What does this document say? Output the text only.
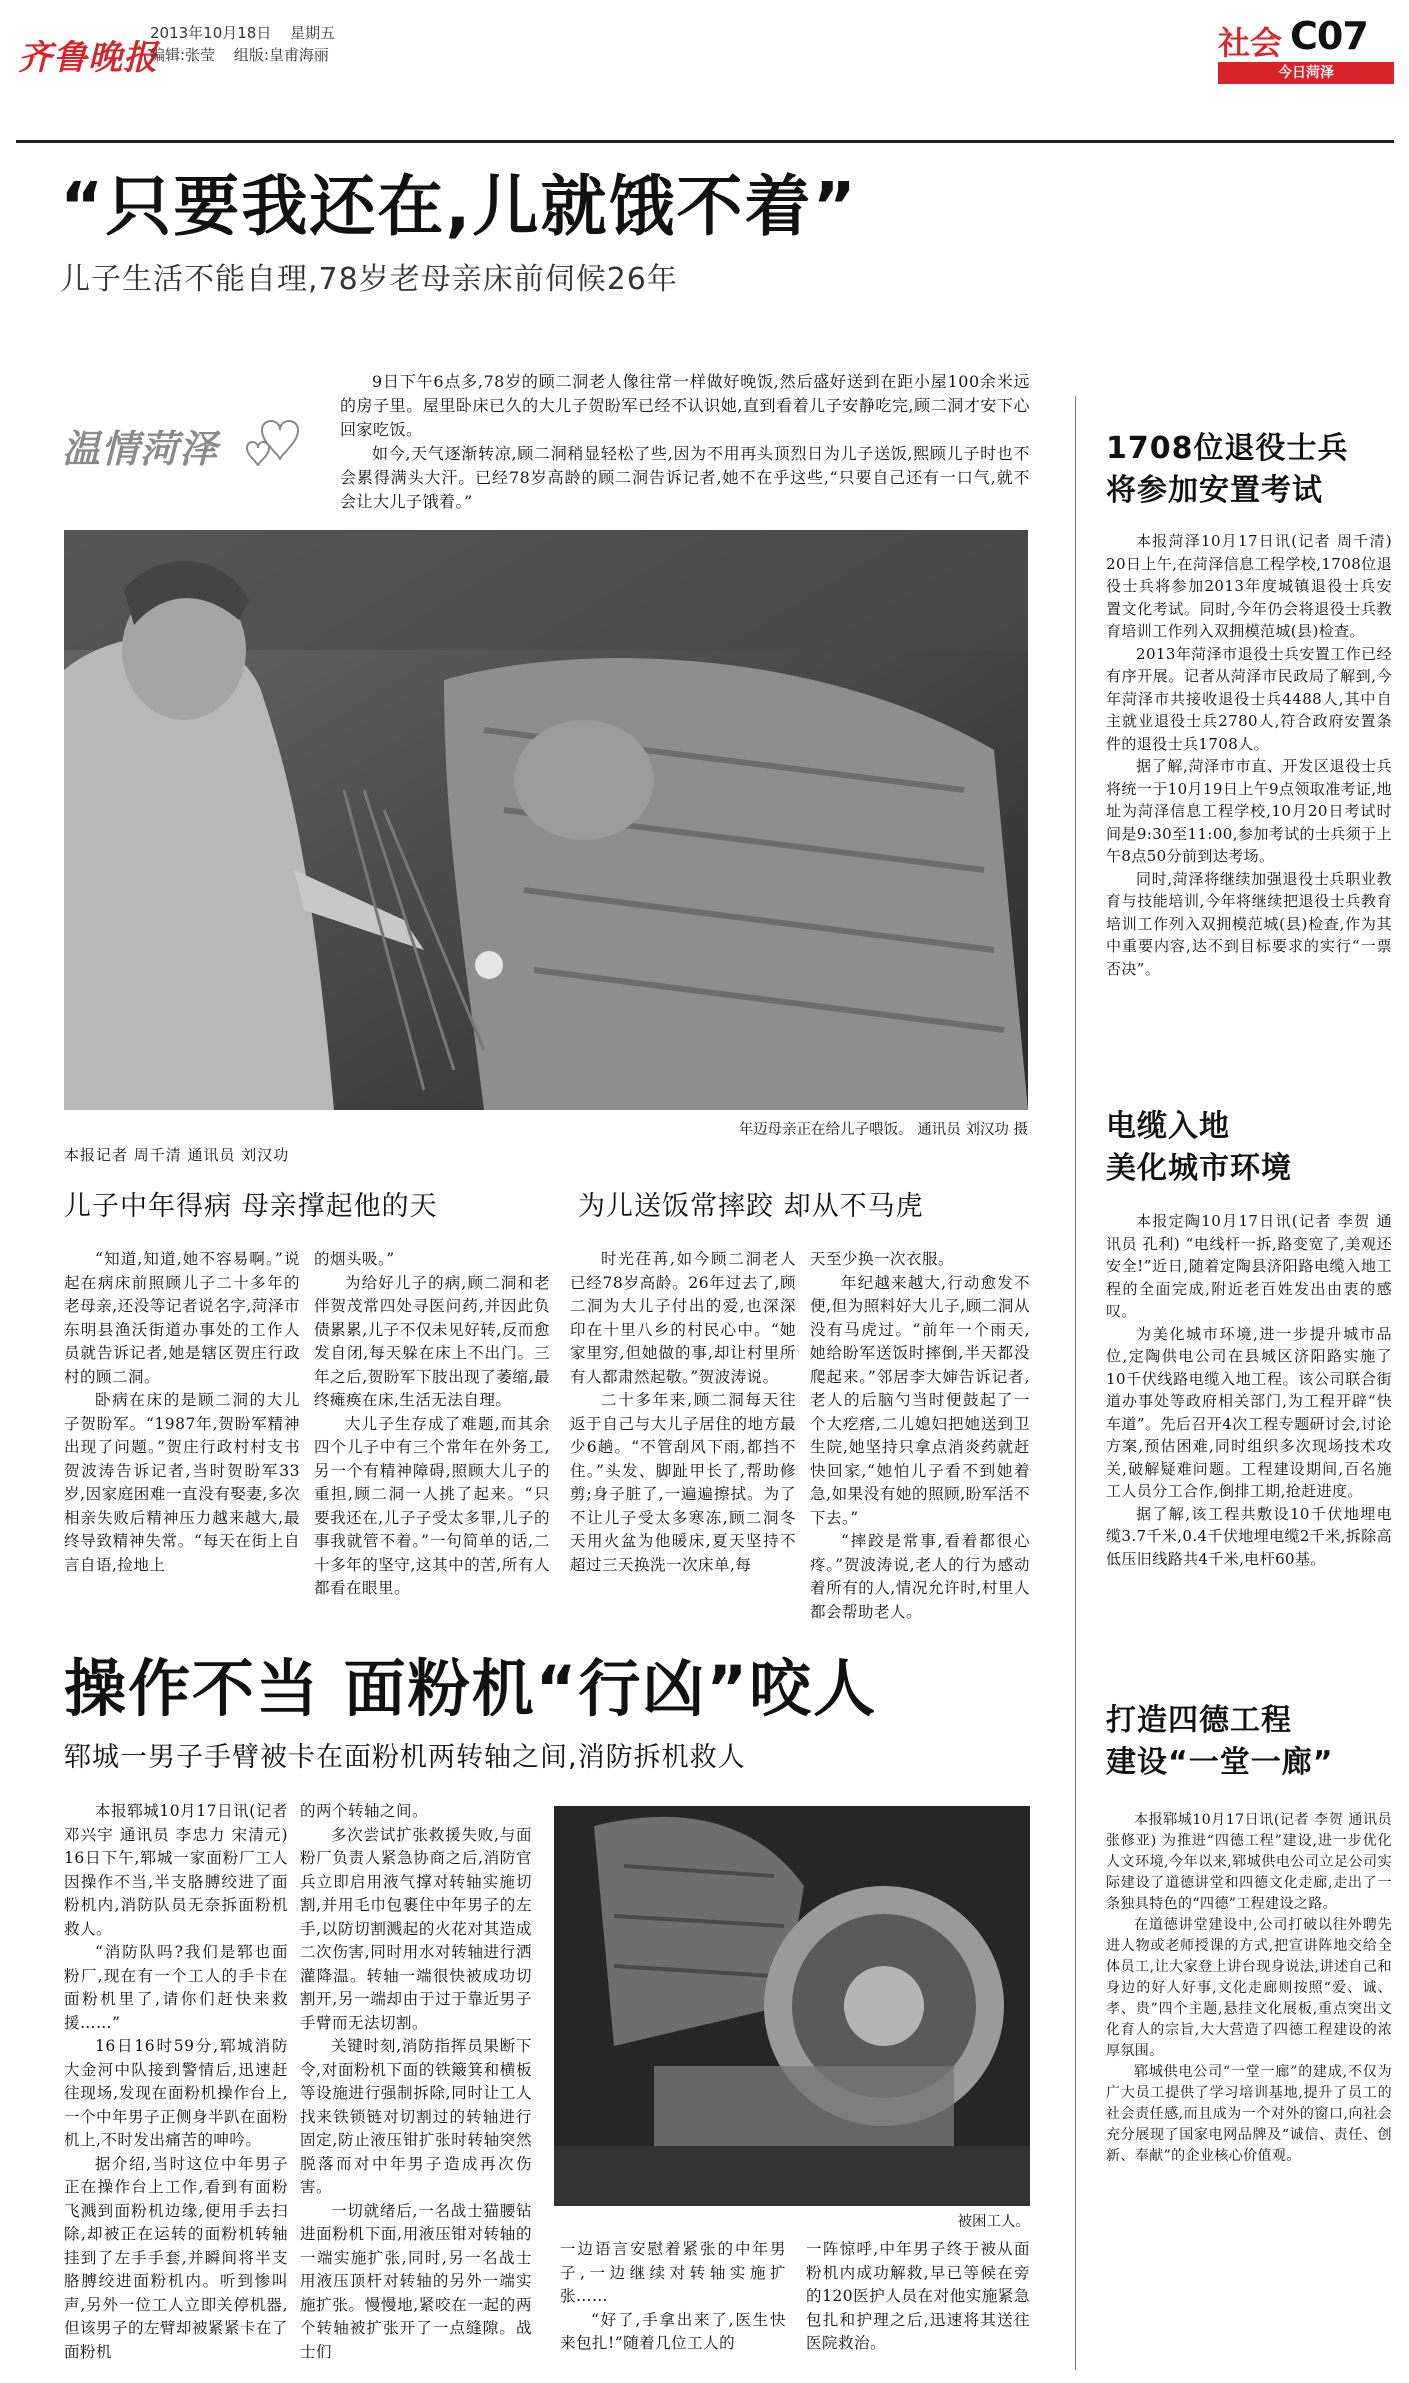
齐鲁晚报
2013年10月18日 星期五
编辑:张莹 组版:皇甫海丽	社会 C07
今日菏泽
“只要我还在,儿就饿不着”
儿子生活不能自理,78岁老母亲床前伺候26年
温情菏泽

9日下午6点多,78岁的顾二洞老人像往常一样做好晚饭,然后盛好送到在距小屋100余米远的房子里。屋里卧床已久的大儿子贺盼军已经不认识她,直到看着儿子安静吃完,顾二洞才安下心回家吃饭。

如今,天气逐渐转凉,顾二洞稍显轻松了些,因为不用再头顶烈日为儿子送饭,熙顾儿子时也不会累得满头大汗。已经78岁高龄的顾二洞告诉记者,她不在乎这些,“只要自己还有一口气,就不会让大儿子饿着。”

年迈母亲正在给儿子喂饭。 通讯员 刘汉功 摄
本报记者 周千清 通讯员 刘汉功
儿子中年得病 母亲撑起他的天	为儿送饭常摔跤 却从不马虎

“知道,知道,她不容易啊。”说起在病床前照顾儿子二十多年的老母亲,还没等记者说名字,菏泽市东明县渔沃街道办事处的工作人员就告诉记者,她是辖区贺庄行政村的顾二洞。

卧病在床的是顾二洞的大儿子贺盼军。“1987年,贺盼军精神出现了问题。”贺庄行政村村支书贺波涛告诉记者,当时贺盼军33岁,因家庭困难一直没有娶妻,多次相亲失败后精神压力越来越大,最终导致精神失常。“每天在街上自言自语,捡地上

的烟头吸。”

为给好儿子的病,顾二洞和老伴贺茂常四处寻医问药,并因此负债累累,儿子不仅未见好转,反而愈发自闭,每天躲在床上不出门。三年之后,贺盼军下肢出现了萎缩,最终瘫痪在床,生活无法自理。

大儿子生存成了难题,而其余四个儿子中有三个常年在外务工,另一个有精神障碍,照顾大儿子的重担,顾二洞一人挑了起来。“只要我还在,儿子子受太多罪,儿子的事我就管不着。”一句简单的话,二十多年的坚守,这其中的苦,所有人都看在眼里。

时光荏苒,如今顾二洞老人已经78岁高龄。26年过去了,顾二洞为大儿子付出的爱,也深深印在十里八乡的村民心中。“她家里穷,但她做的事,却让村里所有人都肃然起敬。”贺波涛说。

二十多年来,顾二洞每天往返于自己与大儿子居住的地方最少6趟。“不管刮风下雨,都挡不住。”头发、脚趾甲长了,帮助修剪;身子脏了,一遍遍擦拭。为了不让儿子受太多寒冻,顾二洞冬天用火盆为他暖床,夏天坚持不超过三天换洗一次床单,每

天至少换一次衣服。

年纪越来越大,行动愈发不便,但为照料好大儿子,顾二洞从没有马虎过。“前年一个雨天,她给盼军送饭时摔倒,半天都没爬起来。”邻居李大婶告诉记者,老人的后脑勺当时便鼓起了一个大疙瘩,二儿媳妇把她送到卫生院,她坚持只拿点消炎药就赶快回家,“她怕儿子看不到她着急,如果没有她的照顾,盼军活不下去。”

“摔跤是常事,看着都很心疼。”贺波涛说,老人的行为感动着所有的人,情况允许时,村里人都会帮助老人。

操作不当 面粉机“行凶”咬人
郓城一男子手臂被卡在面粉机两转轴之间,消防拆机救人

本报郓城10月17日讯(记者 邓兴宇 通讯员 李忠力 宋清元) 16日下午,郓城一家面粉厂工人因操作不当,半支胳膊绞进了面粉机内,消防队员无奈拆面粉机救人。

“消防队吗?我们是郓也面粉厂,现在有一个工人的手卡在面粉机里了,请你们赶快来救援……”

16日16时59分,郓城消防大金河中队接到警情后,迅速赶往现场,发现在面粉机操作台上,一个中年男子正侧身半趴在面粉机上,不时发出痛苦的呻吟。

据介绍,当时这位中年男子正在操作台上工作,看到有面粉飞溅到面粉机边缘,便用手去扫除,却被正在运转的面粉机转轴挂到了左手手套,并瞬间将半支胳膊绞进面粉机内。听到惨叫声,另外一位工人立即关停机器,但该男子的左臂却被紧紧卡在了面粉机

的两个转轴之间。

多次尝试扩张救援失败,与面粉厂负责人紧急协商之后,消防官兵立即启用液气撑对转轴实施切割,并用毛巾包裹住中年男子的左手,以防切割溅起的火花对其造成二次伤害,同时用水对转轴进行洒灌降温。转轴一端很快被成功切割开,另一端却由于过于靠近男子手臂而无法切割。

关键时刻,消防指挥员果断下令,对面粉机下面的铁簸箕和横板等设施进行强制拆除,同时让工人找来铁锁链对切割过的转轴进行固定,防止液压钳扩张时转轴突然脱落而对中年男子造成再次伤害。

一切就绪后,一名战士猫腰钻进面粉机下面,用液压钳对转轴的一端实施扩张,同时,另一名战士用液压顶杆对转轴的另外一端实施扩张。慢慢地,紧咬在一起的两个转轴被扩张开了一点缝隙。战士们

被困工人。

一边语言安慰着紧张的中年男子,一边继续对转轴实施扩张……

“好了,手拿出来了,医生快来包扎!”随着几位工人的

一阵惊呼,中年男子终于被从面粉机内成功解救,早已等候在旁的120医护人员在对他实施紧急包扎和护理之后,迅速将其送往医院救治。

1708位退役士兵
将参加安置考试

本报菏泽10月17日讯(记者 周千清) 20日上午,在菏泽信息工程学校,1708位退役士兵将参加2013年度城镇退役士兵安置文化考试。同时,今年仍会将退役士兵教育培训工作列入双拥模范城(县)检查。

2013年菏泽市退役士兵安置工作已经有序开展。记者从菏泽市民政局了解到,今年菏泽市共接收退役士兵4488人,其中自主就业退役士兵2780人,符合政府安置条件的退役士兵1708人。

据了解,菏泽市市直、开发区退役士兵将统一于10月19日上午9点领取准考证,地址为菏泽信息工程学校,10月20日考试时间是9:30至11:00,参加考试的士兵须于上午8点50分前到达考场。

同时,菏泽将继续加强退役士兵职业教育与技能培训,今年将继续把退役士兵教育培训工作列入双拥模范城(县)检查,作为其中重要内容,达不到目标要求的实行“一票否决”。

电缆入地
美化城市环境

本报定陶10月17日讯(记者 李贺 通讯员 孔利) “电线杆一拆,路变宽了,美观还安全!”近日,随着定陶县济阳路电缆入地工程的全面完成,附近老百姓发出由衷的感叹。

为美化城市环境,进一步提升城市品位,定陶供电公司在县城区济阳路实施了10千伏线路电缆入地工程。该公司联合街道办事处等政府相关部门,为工程开辟“快车道”。先后召开4次工程专题研讨会,讨论方案,预估困难,同时组织多次现场技术攻关,破解疑难问题。工程建设期间,百名施工人员分工合作,倒排工期,抢赶进度。

据了解,该工程共敷设10千伏地埋电缆3.7千米,0.4千伏地埋电缆2千米,拆除高低压旧线路共4千米,电杆60基。

打造四德工程
建设“一堂一廊”

本报郓城10月17日讯(记者 李贺 通讯员 张修亚) 为推进“四德工程”建设,进一步优化人文环境,今年以来,郓城供电公司立足公司实际建设了道德讲堂和四德文化走廊,走出了一条独具特色的“四德”工程建设之路。

在道德讲堂建设中,公司打破以往外聘先进人物或老师授课的方式,把宣讲阵地交给全体员工,让大家登上讲台现身说法,讲述自己和身边的好人好事,文化走廊则按照“爱、诚、孝、贵”四个主题,悬挂文化展板,重点突出文化育人的宗旨,大大营造了四德工程建设的浓厚氛围。

郓城供电公司“一堂一廊”的建成,不仅为广大员工提供了学习培训基地,提升了员工的社会责任感,而且成为一个对外的窗口,向社会充分展现了国家电网品牌及“诚信、责任、创新、奉献”的企业核心价值观。
